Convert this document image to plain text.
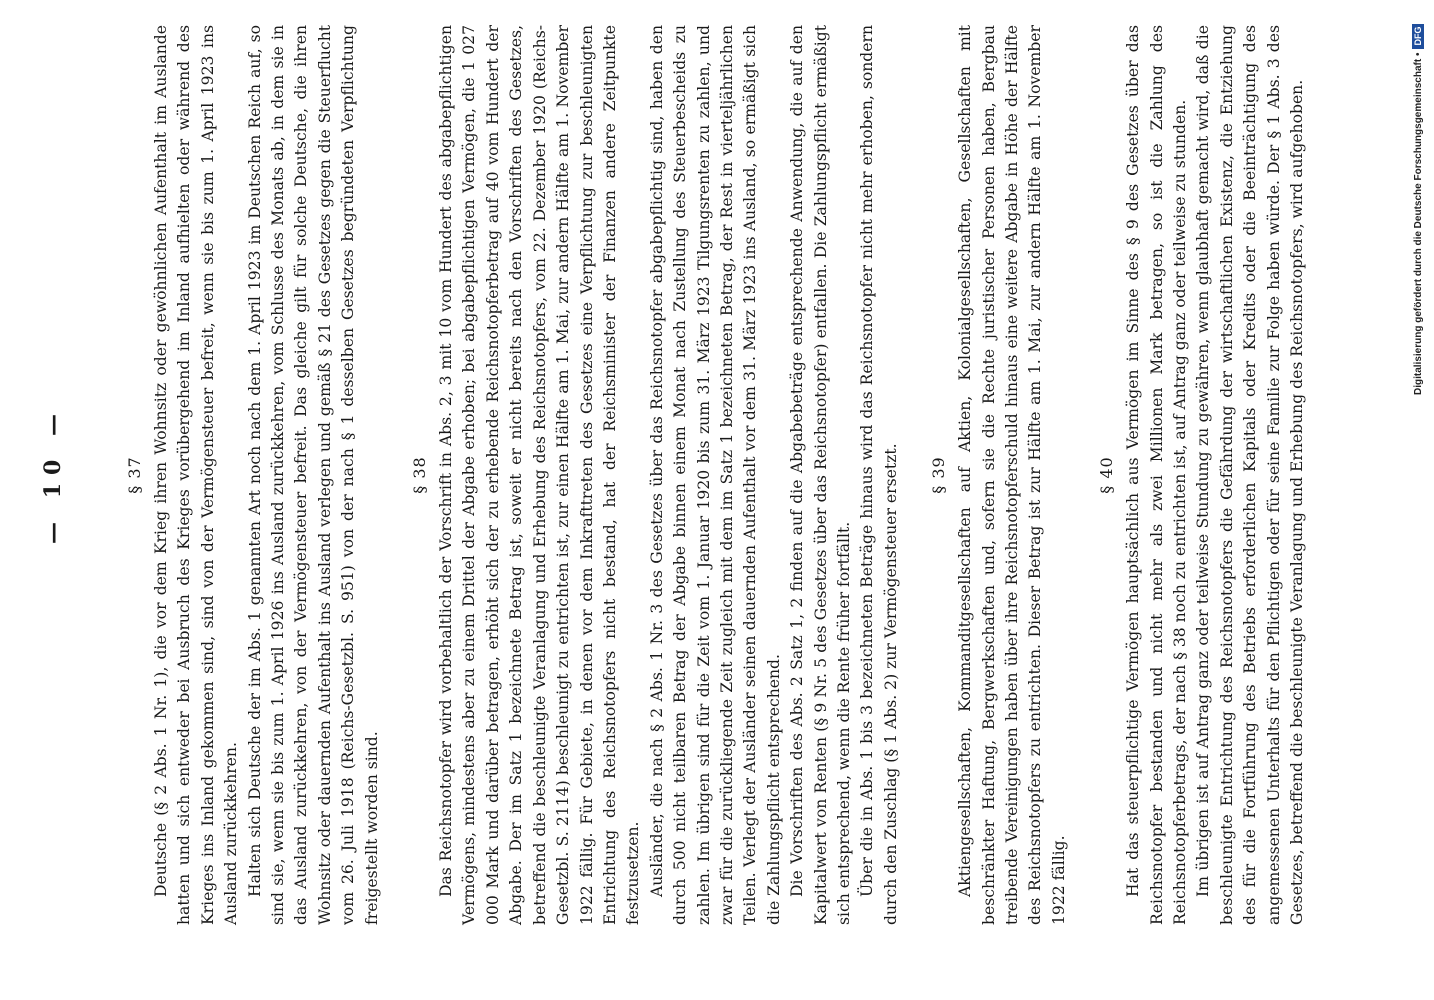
— 10 —	§ 37 Deutsche (§ 2 Abs. 1 Nr. 1), die vor dem Krieg ihren Wohnsitz oder gewöhnlichen Aufenthalt im Auslande hatten und sich entweder bei Ausbruch des Krieges vorübergehend im Inland aufhielten oder während des Krieges ins Inland gekommen sind, sind von der Vermögensteuer befreit, wenn sie bis zum 1. April 1923 ins Ausland zurückkehren. Halten sich Deutsche der im Abs. 1 genannten Art noch nach dem 1. April 1923 im Deutschen Reich auf, so sind sie, wenn sie bis zum 1. April 1926 ins Ausland zurückkehren, vom Schlusse des Monats ab, in dem sie in das Ausland zurückkehren, von der Vermögensteuer befreit. Das gleiche gilt für solche Deutsche, die ihren Wohnsitz oder dauernden Aufenthalt ins Ausland verlegen und gemäß § 21 des Gesetzes gegen die Steuerflucht vom 26. Juli 1918 (Reichs-Gesetzbl. S. 951) von der nach § 1 desselben Gesetzes begründeten Verpflichtung freigestellt worden sind.

§ 38 Das Reichsnotopfer wird vorbehaltlich der Vorschrift in Abs. 2, 3 mit 10 vom Hundert des abgabepflichtigen Vermögens, mindestens aber zu einem Drittel der Abgabe erhoben; bei abgabepflichtigen Vermögen, die 1 027 000 Mark und darüber betragen, erhöht sich der zu erhebende Reichsnotopferbetrag auf 40 vom Hundert der Abgabe. Der im Satz 1 bezeichnete Betrag ist, soweit er nicht bereits nach den Vorschriften des Gesetzes, betreffend die beschleunigte Veranlagung und Erhebung des Reichsnotopfers, vom 22. Dezember 1920 (Reichs-Gesetzbl. S. 2114) beschleunigt zu entrichten ist, zur einen Hälfte am 1. Mai, zur andern Hälfte am 1. November 1922 fällig. Für Gebiete, in denen vor dem Inkrafttreten des Gesetzes eine Verpflichtung zur beschleunigten Entrichtung des Reichsnotopfers nicht bestand, hat der Reichsminister der Finanzen andere Zeitpunkte festzusetzen. Ausländer, die nach § 2 Abs. 1 Nr. 3 des Gesetzes über das Reichsnotopfer abgabepflichtig sind, haben den durch 500 nicht teilbaren Betrag der Abgabe binnen einem Monat nach Zustellung des Steuerbescheids zu zahlen. Im übrigen sind für die Zeit vom 1. Januar 1920 bis zum 31. März 1923 Tilgungsrenten zu zahlen, und zwar für die zurückliegende Zeit zugleich mit dem im Satz 1 bezeichneten Betrag, der Rest in vierteljährlichen Teilen. Verlegt der Ausländer seinen dauernden Aufenthalt vor dem 31. März 1923 ins Ausland, so ermäßigt sich die Zahlungspflicht entsprechend. Die Vorschriften des Abs. 2 Satz 1, 2 finden auf die Abgabebeträge entsprechende Anwendung, die auf den Kapitalwert von Renten (§ 9 Nr. 5 des Gesetzes über das Reichsnotopfer) entfallen. Die Zahlungspflicht ermäßigt sich entsprechend, wenn die Rente früher fortfällt. Über die in Abs. 1 bis 3 bezeichneten Beträge hinaus wird das Reichsnotopfer nicht mehr erhoben, sondern durch den Zuschlag (§ 1 Abs. 2) zur Vermögensteuer ersetzt. § 39 Aktiengesellschaften, Kommanditgesellschaften auf Aktien, Kolonialgesellschaften, Gesellschaften mit beschränkter Haftung, Bergwerkschaften und, sofern sie die Rechte juristischer Personen haben, Bergbau treibende Vereinigungen haben über ihre Reichsnotopferschuld hinaus eine weitere Abgabe in Höhe der Hälfte des Reichsnotopfers zu entrichten. Dieser Betrag ist zur Hälfte am 1. Mai, zur andern Hälfte am 1. November 1922 fällig.

§ 40 Hat das steuerpflichtige Vermögen hauptsächlich aus Vermögen im Sinne des § 9 des Gesetzes über das Reichsnotopfer bestanden und nicht mehr als zwei Millionen Mark betragen, so ist die Zahlung des Reichsnotopferbetrags, der nach § 38 noch zu entrichten ist, auf Antrag ganz oder teilweise zu stunden. Im übrigen ist auf Antrag ganz oder teilweise Stundung zu gewähren, wenn glaubhaft gemacht wird, daß die beschleunigte Entrichtung des Reichsnotopfers die Gefährdung der wirtschaftlichen Existenz, die Entziehung des für die Fortführung des Betriebs erforderlichen Kapitals oder Kredits oder die Beeinträchtigung des angemessenen Unterhalts für den Pflichtigen oder für seine Familie zur Folge haben würde. Der § 1 Abs. 3 des Gesetzes, betreffend die beschleunigte Veranlagung und Erhebung des Reichsnotopfers, wird aufgehoben.	Digitalisierung gefördert durch die Deutsche Forschungsgemeinschaft •
DFG
